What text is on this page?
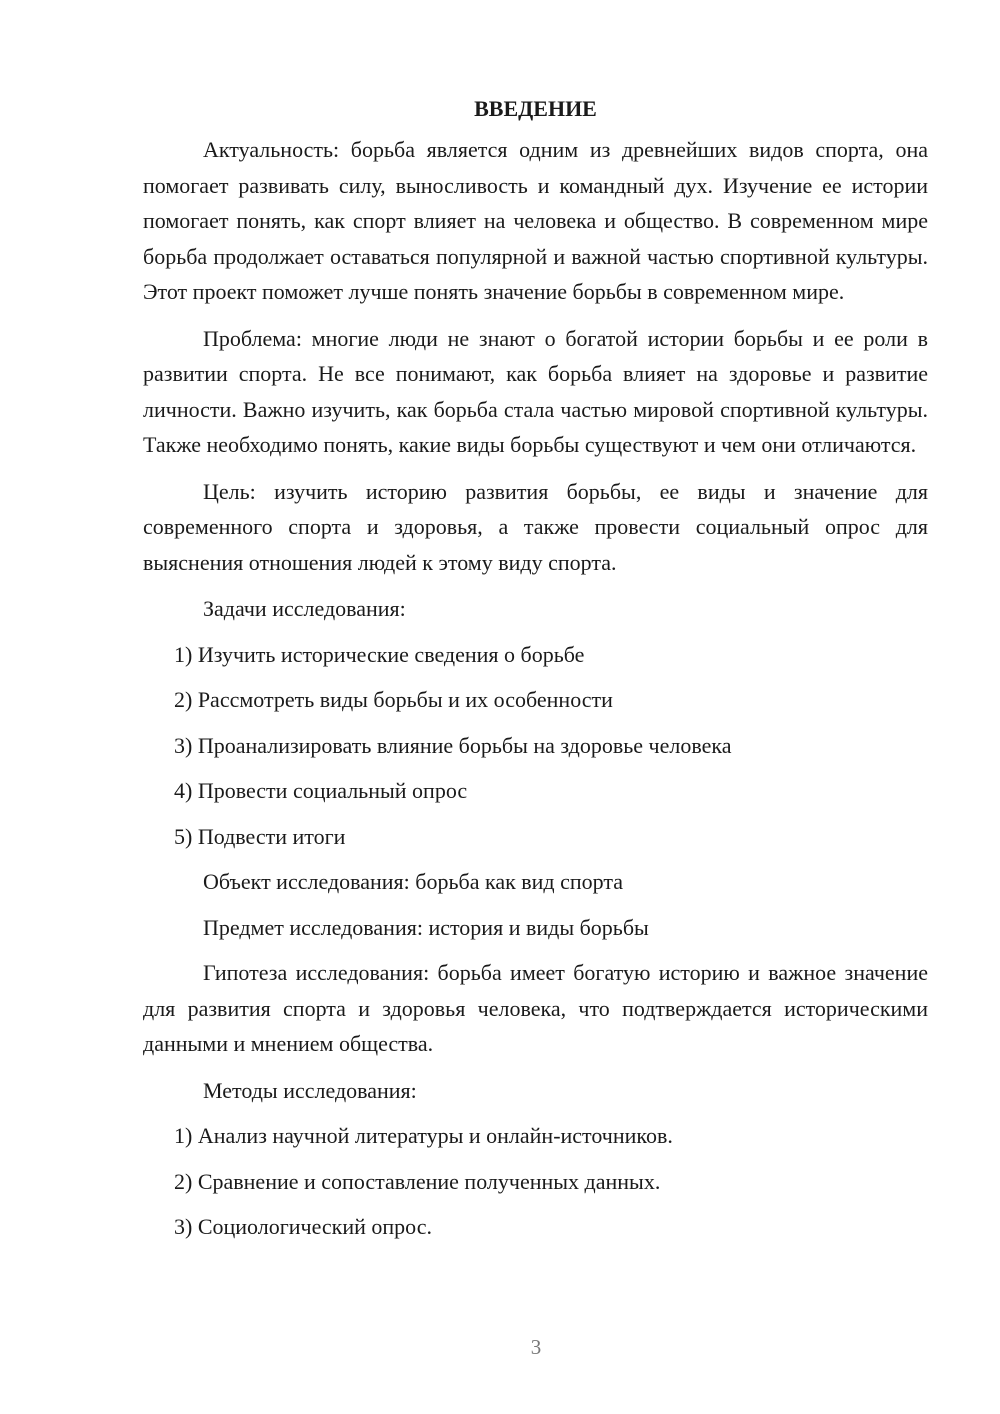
ВВЕДЕНИЕ

Актуальность: борьба является одним из древнейших видов спорта, она помогает развивать силу, выносливость и командный дух. Изучение ее истории помогает понять, как спорт влияет на человека и общество. В современном мире борьба продолжает оставаться популярной и важной частью спортивной культуры. Этот проект поможет лучше понять значение борьбы в современном мире.

Проблема: многие люди не знают о богатой истории борьбы и ее роли в развитии спорта. Не все понимают, как борьба влияет на здоровье и развитие личности. Важно изучить, как борьба стала частью мировой спортивной культуры. Также необходимо понять, какие виды борьбы существуют и чем они отличаются.

Цель: изучить историю развития борьбы, ее виды и значение для современного спорта и здоровья, а также провести социальный опрос для выяснения отношения людей к этому виду спорта.

Задачи исследования:
1) Изучить исторические сведения о борьбе
2) Рассмотреть виды борьбы и их особенности
3) Проанализировать влияние борьбы на здоровье человека
4) Провести социальный опрос
5) Подвести итоги
Объект исследования: борьба как вид спорта
Предмет исследования: история и виды борьбы

Гипотеза исследования: борьба имеет богатую историю и важное значение для развития спорта и здоровья человека, что подтверждается историческими данными и мнением общества.

Методы исследования:
1) Анализ научной литературы и онлайн-источников.
2) Сравнение и сопоставление полученных данных.
3) Социологический опрос.
3
